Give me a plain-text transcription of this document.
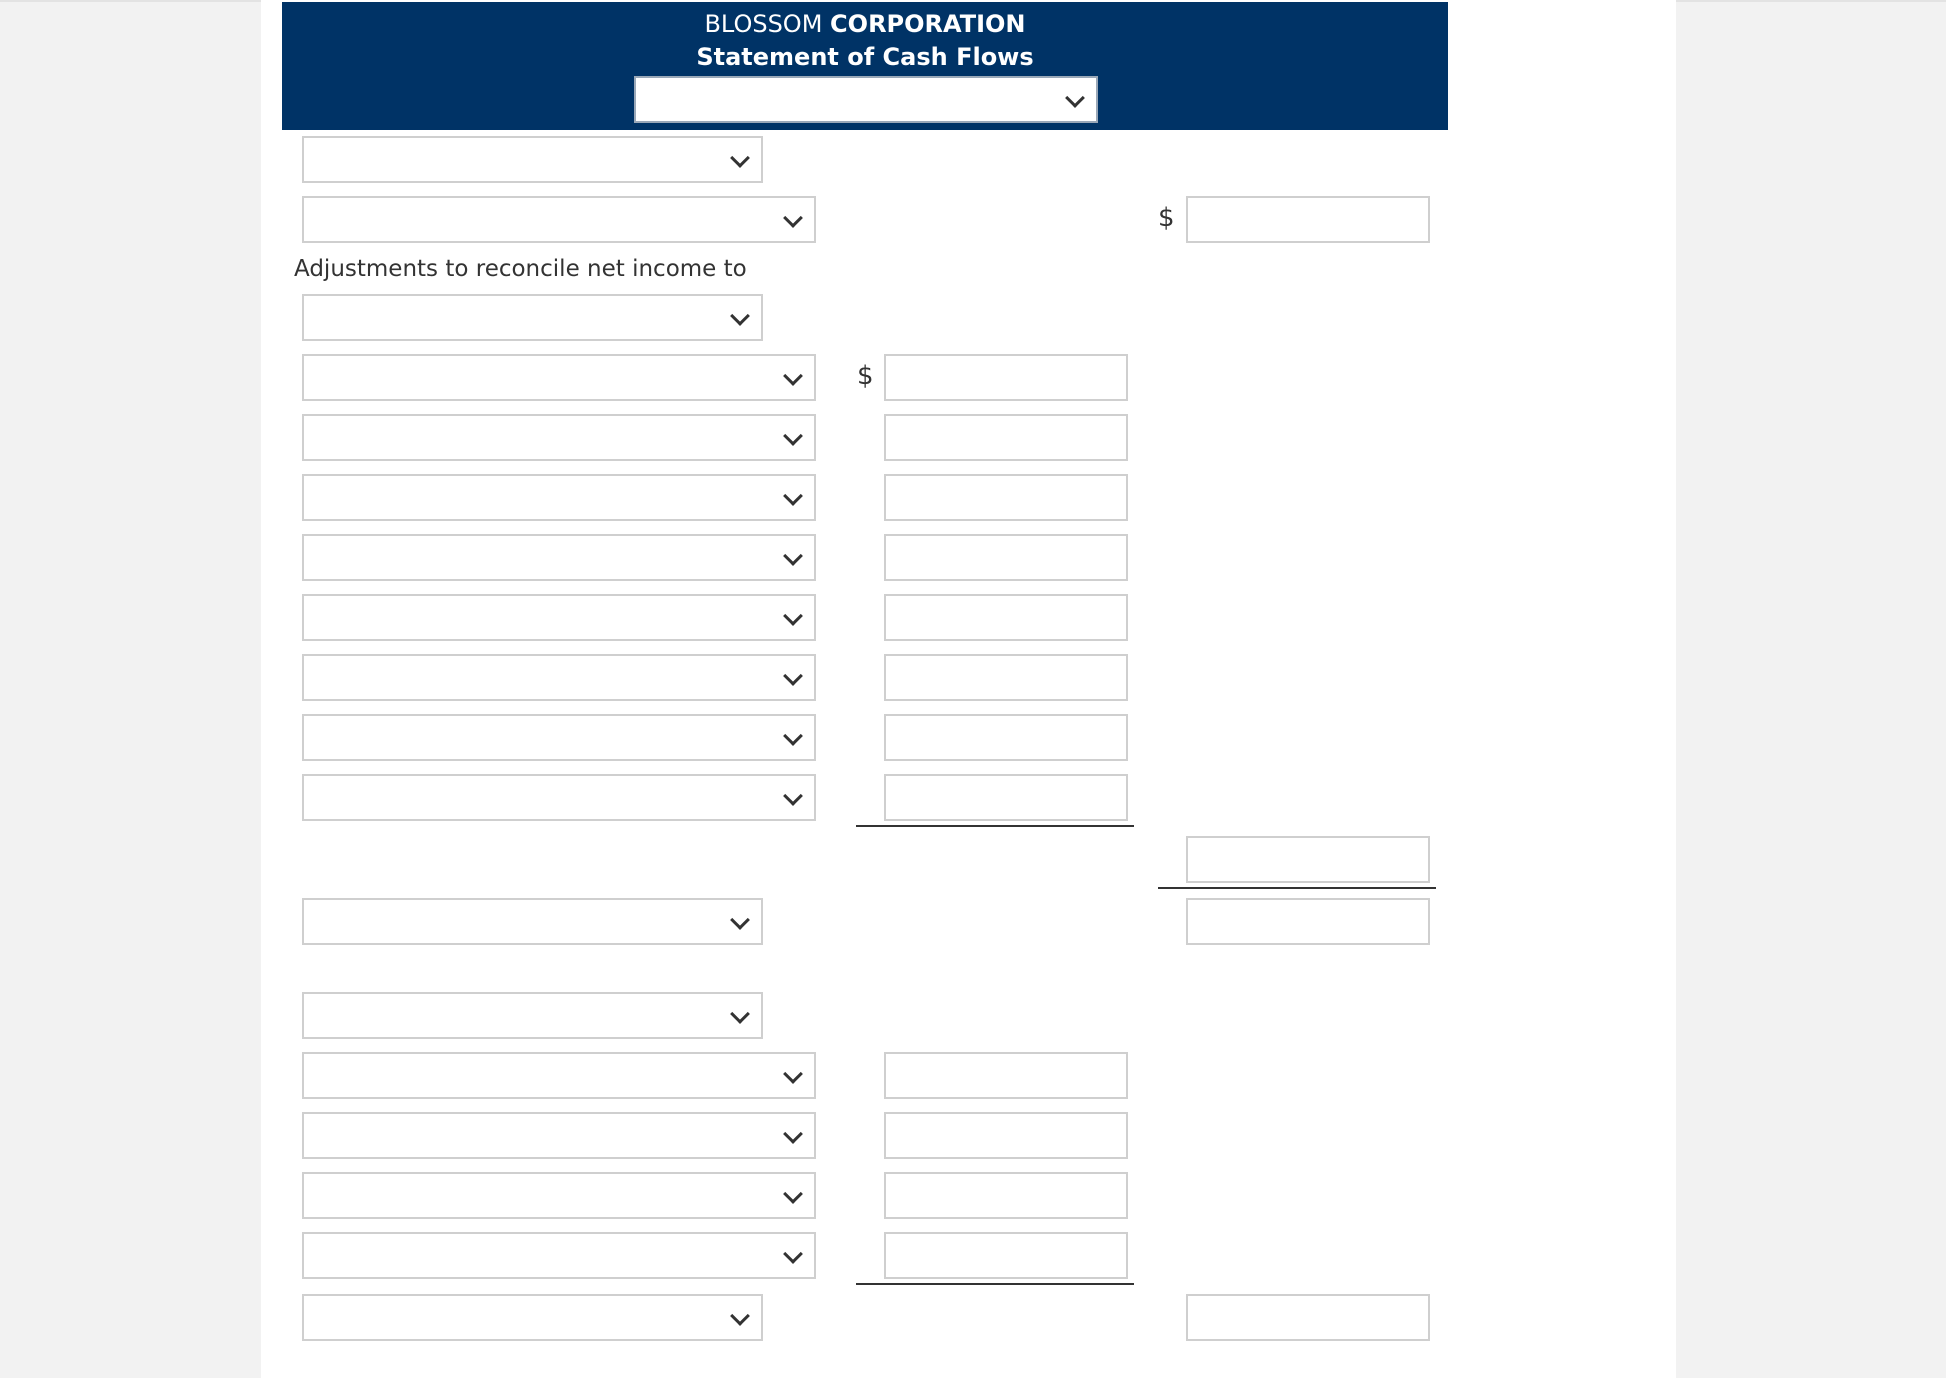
BLOSSOM CORPORATION
Statement of Cash Flows
$
Adjustments to reconcile net income to
$
